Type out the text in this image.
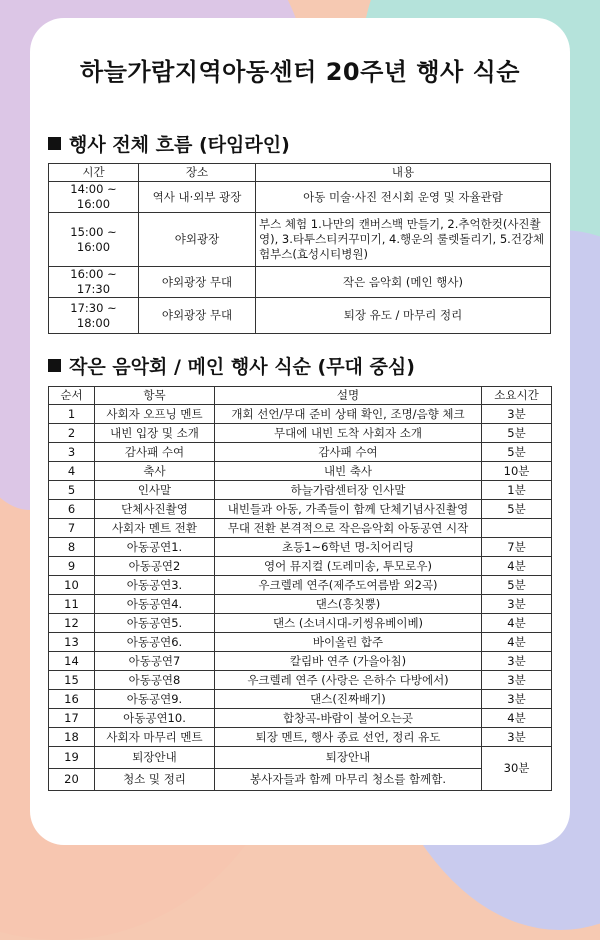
하늘가람지역아동센터 20주년 행사 식순
행사 전체 흐름 (타임라인)
시간	장소	내용
14:00 ~ 16:00	역사 내·외부 광장	아동 미술·사진 전시회 운영 및 자율관람
15:00 ~ 16:00	야외광장	부스 체험 1.나만의 캔버스백 만들기, 2.추억한컷(사진촬영), 3.타투스티커꾸미기, 4.행운의 룰렛돌리기, 5.건강체험부스(효성시티병원)
16:00 ~ 17:30	야외광장 무대	작은 음악회 (메인 행사)
17:30 ~ 18:00	야외광장 무대	퇴장 유도 / 마무리 정리
작은 음악회 / 메인 행사 식순 (무대 중심)
순서	항목	설명	소요시간
1	사회자 오프닝 멘트	개회 선언/무대 준비 상태 확인, 조명/음향 체크	3분
2	내빈 입장 및 소개	무대에 내빈 도착 사회자 소개	5분
3	감사패 수여	감사패 수여	5분
4	축사	내빈 축사	10분
5	인사말	하늘가람센터장 인사말	1분
6	단체사진촬영	내빈들과 아동, 가족들이 함께 단체기념사진촬영	5분
7	사회자 멘트 전환	무대 전환 본격적으로 작은음악회 아동공연 시작	
8	아동공연1.	초등1~6학년 명-치어리딩	7분
9	아동공연2	영어 뮤지컬 (도레미송, 투모로우)	4분
10	아동공연3.	우크렐레 연주(제주도여름밤 외2곡)	5분
11	아동공연4.	댄스(흥칫뿡)	3분
12	아동공연5.	댄스 (소녀시대-키씽유베이베)	4분
13	아동공연6.	바이올린 합주	4분
14	아동공연7	칼림바 연주 (가을아침)	3분
15	아동공연8	우크렐레 연주 (사랑은 은하수 다방에서)	3분
16	아동공연9.	댄스(진짜배기)	3분
17	아동공연10.	합창곡-바람이 불어오는곳	4분
18	사회자 마무리 멘트	퇴장 멘트, 행사 종료 선언, 정리 유도	3분
19	퇴장안내	퇴장안내	30분
20	청소 및 정리	봉사자들과 함께 마무리 청소를 함께함.	
